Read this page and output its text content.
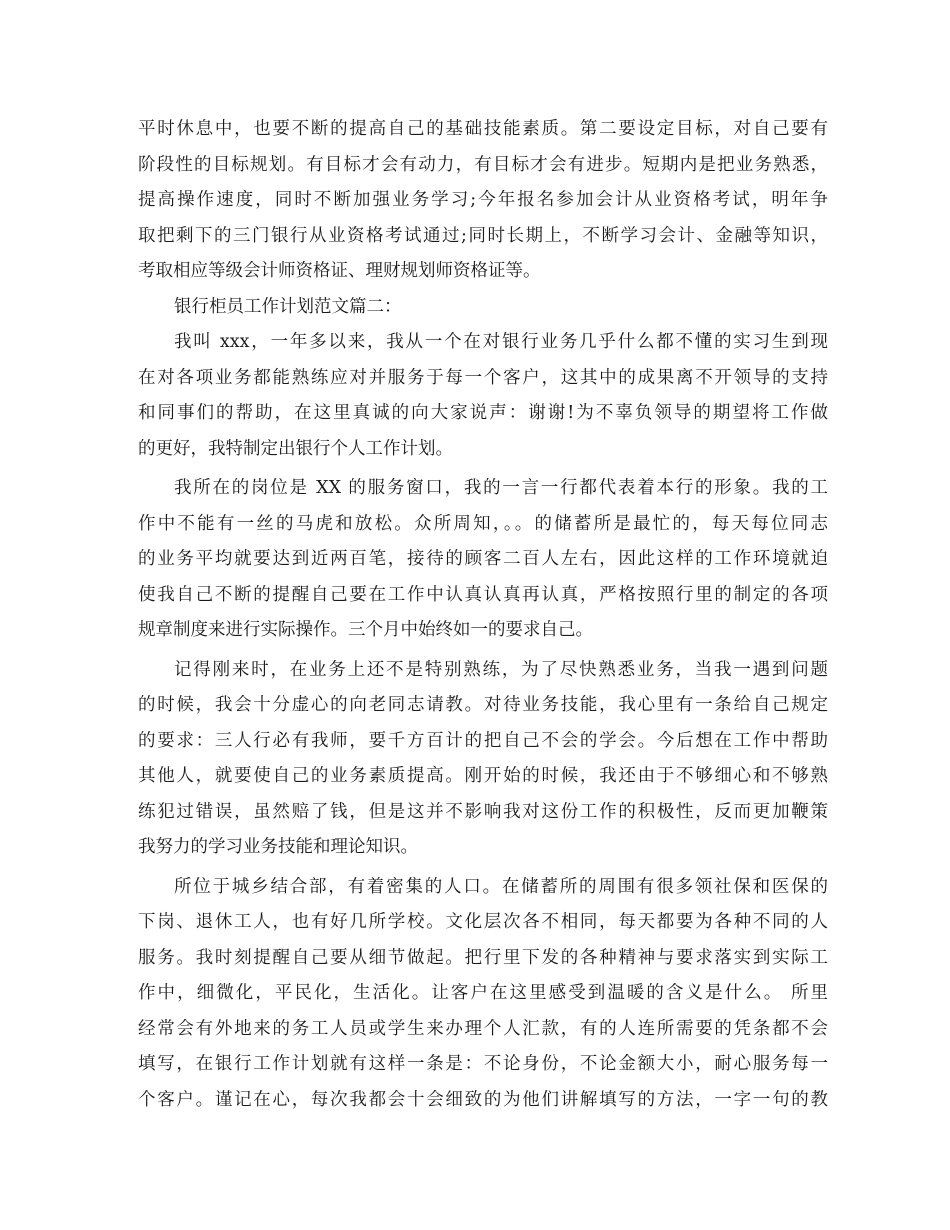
平时休息中，也要不断的提高自己的基础技能素质。第二要设定目标，对自己要有
阶段性的目标规划。有目标才会有动力，有目标才会有进步。短期内是把业务熟悉，
提高操作速度，同时不断加强业务学习;今年报名参加会计从业资格考试，明年争
取把剩下的三门银行从业资格考试通过;同时长期上，不断学习会计、金融等知识，
考取相应等级会计师资格证、理财规划师资格证等。
银行柜员工作计划范文篇二：
我叫 xxx，一年多以来，我从一个在对银行业务几乎什么都不懂的实习生到现
在对各项业务都能熟练应对并服务于每一个客户，这其中的成果离不开领导的支持
和同事们的帮助，在这里真诚的向大家说声：谢谢!为不辜负领导的期望将工作做
的更好，我特制定出银行个人工作计划。
我所在的岗位是 XX 的服务窗口，我的一言一行都代表着本行的形象。我的工
作中不能有一丝的马虎和放松。众所周知，。。的储蓄所是最忙的，每天每位同志
的业务平均就要达到近两百笔，接待的顾客二百人左右，因此这样的工作环境就迫
使我自己不断的提醒自己要在工作中认真认真再认真，严格按照行里的制定的各项
规章制度来进行实际操作。三个月中始终如一的要求自己。
记得刚来时，在业务上还不是特别熟练，为了尽快熟悉业务，当我一遇到问题
的时候，我会十分虚心的向老同志请教。对待业务技能，我心里有一条给自己规定
的要求：三人行必有我师，要千方百计的把自己不会的学会。今后想在工作中帮助
其他人，就要使自己的业务素质提高。刚开始的时候，我还由于不够细心和不够熟
练犯过错误，虽然赔了钱，但是这并不影响我对这份工作的积极性，反而更加鞭策
我努力的学习业务技能和理论知识。
所位于城乡结合部，有着密集的人口。在储蓄所的周围有很多领社保和医保的
下岗、退休工人，也有好几所学校。文化层次各不相同，每天都要为各种不同的人
服务。我时刻提醒自己要从细节做起。把行里下发的各种精神与要求落实到实际工
作中，细微化，平民化，生活化。让客户在这里感受到温暖的含义是什么。 所里
经常会有外地来的务工人员或学生来办理个人汇款，有的人连所需要的凭条都不会
填写，在银行工作计划就有这样一条是：不论身份，不论金额大小，耐心服务每一
个客户。谨记在心，每次我都会十会细致的为他们讲解填写的方法，一字一句的教
